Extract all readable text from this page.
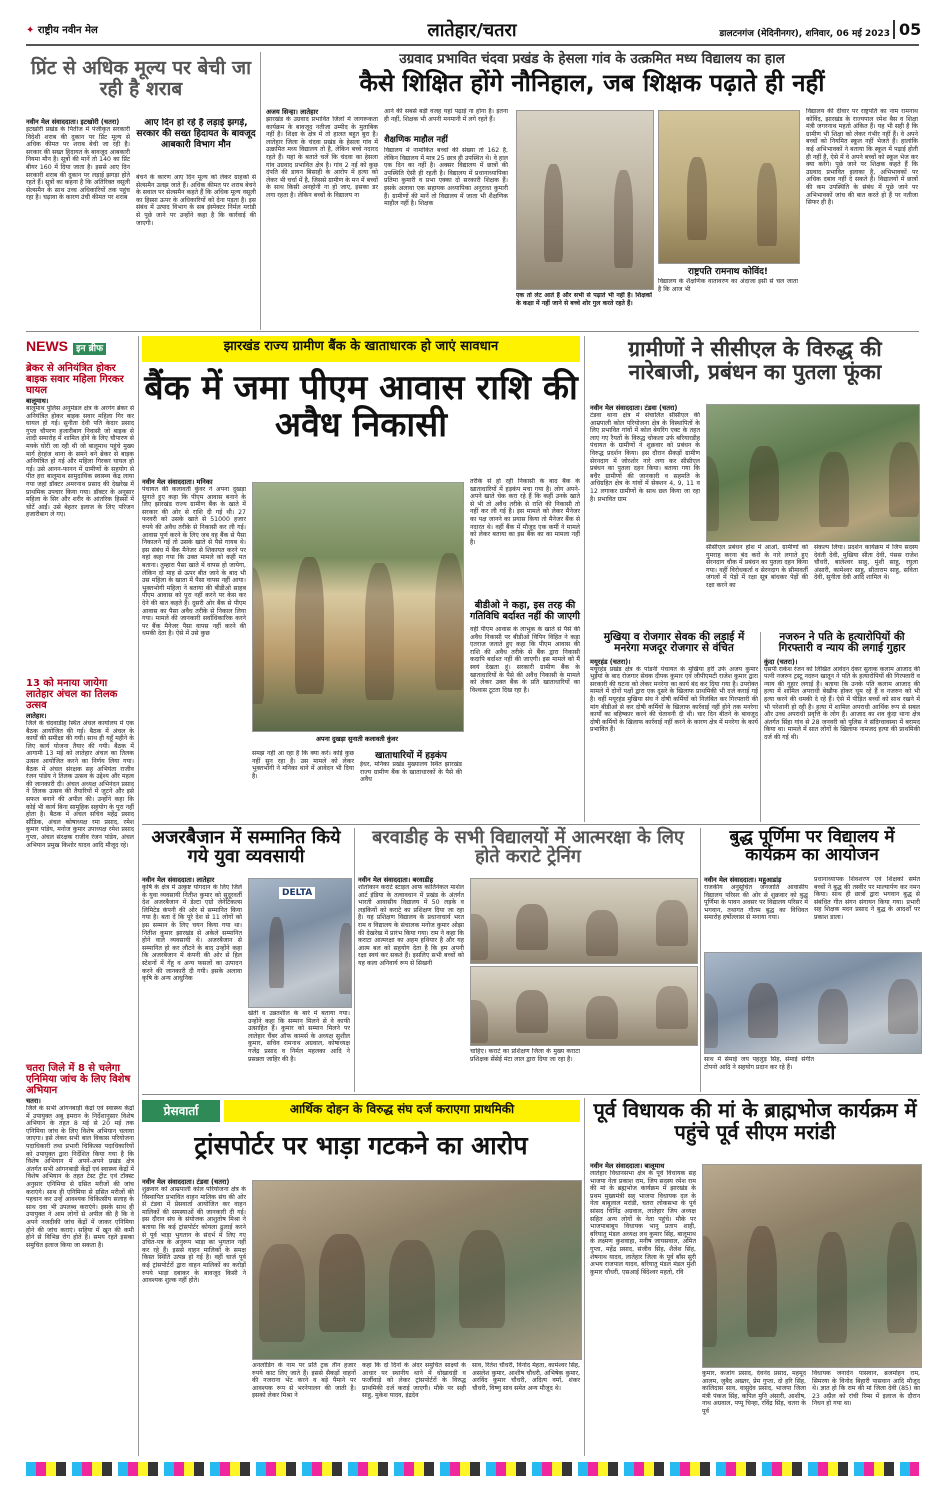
✦ राष्ट्रीय नवीन मेल	लातेहार/चतरा	डालटनगंज (मेदिनीनगर), शनिवार, 06 मई 2023 05
प्रिंट से अधिक मूल्य पर बेची जा रही है शराब
नवीन मेल संवाददाता। इटखोरी (चतरा)
इटखोरी प्रखंड के पितीज में पंजीकृत सरकारी विदेशी शराब की दुकान पर प्रिंट मूल्य से अधिक कीमत पर शराब बेची जा रही है। सरकार की सख्त हिदायत के बावजूद आबकारी नियमा मौन है। सूत्रों की मानें तो 140 का प्रिंट बीयर 160 में दिया जाता है। इससे आए दिन सरकारी शराब की दुकान पर लड़ाई झगड़ा होते रहते हैं। सूत्रों का कहना है कि अतिरिक्त वसूली सेल्समैन के साथ उच्च अधिकारियों तक पहुंच रहा है। चढ़ावा के कारण उंची कीमत पर शराब
आए दिन हो रहे हैं लड़ाई झगड़े, सरकार की सख्त हिदायत के बावजूद आबकारी विभाग मौन
बेचने के कारण आए दिन मूल्य को लेकर ग्राहकों से सेल्समैन उलझ जाते हैं। अधिक कीमत पर शराब बेचने के सवाल पर सेल्समैन कहते हैं कि अधिक मूल्य वसूली का हिस्सा ऊपर के अधिकारियों को देना पड़ता है। इस संबंध में उत्पाद विभाग के सब इंस्पेक्टर निर्मल मरांडी से पूछे जाने पर उन्होंने कहा है कि कार्रवाई की जाएगी।
उग्रवाद प्रभावित चंदवा प्रखंड के हेसला गांव के उत्क्रमित मध्य विद्यालय का हाल
कैसे शिक्षित होंगे नौनिहाल, जब शिक्षक पढ़ाते ही नहीं
अजय सिन्हा। लातेहार
झारखंड के उग्रवाद प्रभावित जिलों में जागरूकता कार्यक्रम के बावजूद नतीजा उम्मीद के मुताबिक नहीं है। शिक्षा के क्षेत्र में तो हालत बहुत बुरा है। लातेहार जिला के चंदवा प्रखंड के हेसला गांव में उत्क्रमित मध्य विद्यालय तो है, लेकिन बच्चे नदारद रहते हैं। यहां के बताते चलें कि चंदवा का हेसला गांव उग्रवाद प्रभावित क्षेत्र है। गांव 2 नई को कुछ दंपति की डायन बिसाही के आरोप में हत्या को लेकर भी चर्चा में है, जिससे ग्रामीण के मन में बच्चों के साथ किसी अनहोनी ना हो जाए, इसका डर लगा रहता है। लेकिन बच्चों के विद्यालय ना
आने की सबसे बड़ी वजह यहां पढ़ाई ना होना है। इतना ही नहीं, शिक्षक भी अपनी मनमानी में लगे रहते हैं।
शैक्षणिक माहौल नहीं
विद्यालय में नामांकित बच्चों की संख्या तो 162 है, लेकिन विद्यालय में मात्र 25 छात्र ही उपस्थित थे। वे हाल एक दिन का नहीं है। अक्सर विद्यालय में छात्रों की उपस्थिति ऐसी ही रहती है। विद्यालय में प्रधानाध्यापिका प्रतिमा कुमारी व प्रभा एक्का दो सरकारी शिक्षक हैं। इसके अलावा एक सहायक अध्यापिका अनुराधा कुमारी हैं। ग्रामीणों की मानें तो विद्यालय में जाता भी शैक्षणिक माहौल नहीं है। शिक्षक
एक तो लेट आते हैं और सभी से पढ़ाते भी नहीं हैं। शिक्षकों के कक्षा में नहीं जाने से बच्चे शोर गुल करते रहते हैं।
राष्ट्रपति रामनाथ कोविंद!
विद्यालय के शैक्षणिक वातावरण का अंदाजा इसी से चल जाता है कि आज भी
विद्यालय की दीवार पर राष्ट्रपति का नाम रामनाथ कोविंद, झारखंड के राज्यपाल रमेश बैस व शिक्षा मंत्री जगरनाथ महतो अंकित हैं। यह भी सही है कि ग्रामीण भी शिक्षा को लेकर गंभीर नहीं हैं। वे अपने बच्चों को नियमित स्कूल नहीं भेजते हैं। हालांकि कई अभिभावकों ने बताया कि स्कूल में पढ़ाई होती ही नहीं है, ऐसे में वे अपने बच्चों को स्कूल भेज कर क्या करेंगे। पूछे जाने पर शिक्षक कहते हैं कि उग्रवाद प्रभावित इलाका है, अभिभावकों पर अधिक दबाव नहीं दे सकते हैं। विद्यालयों में छात्रों की कम उपस्थिति के संबंध में पूछे जाने पर अभिभावकों जांच की बात करते हो हैं पर नतीजा सिफर ही है।
NEWS इन ब्रीफ
ब्रेकर से अनियंत्रित होकर बाइक सवार महिला गिरकर घायल
बालूमाथ।
बालूमाथ पुलिस अनुमंडल क्षेत्र के अरगंग ब्रेकर से अनियंत्रित होकर बाइक सवार महिला गिर कर घायल हो गई। सुनीता देवी पति केदार प्रसाद गुप्ता चौपरण हजारीबाग निवासी जो बाइक से शादी समारोह में शामिल होने के लिए चौपारण से मयके घोरी जा रही थी जो बालूमाथ पहुंचे मुख्य मार्ग हेरहंज थाना के समने बने ब्रेकर से बाइक अनियंत्रित हो गई और महिला गिरकर घायल हो गई। उसे आनन-फानन में ग्रामीणों के सहयोग से पीत हरा बालूमाथ सामुदायिक स्वास्थ्य केंद्र लाया गया जहां डॉक्टर अमरनाथ प्रसाद की देखरेख में प्राथमिक उपचार किया गया। डॉक्टर के अनुसार महिला के सिर और शरीर के आंतरिक हिस्सों में चोटें आईं। उसे बेहतर इलाज के लिए परिजन हजारीबाग ले गए।
13 को मनाया जायेगा लातेहार अंचल का तिलक उत्सव
लातेहार।
जिले के चंदवाडीह स्थित अंचल कार्यालय में एक बैठक आयोजित की गई। बैठक में अंचल के कार्यों की समीक्षा की गयी। साथ ही यहूँ महीने के लिए कार्य योजना तैयार की गयी। बैठक में आगामी 13 मई को लातेहार अंचल का तिलक उत्सव आयोजित करने का निर्णय लिया गया। बैठक में अंचल संरक्षक सह अभियंता राजीव रंजन पांडेय ने तिलक उत्सव के उद्देश्य और महत्व की जानकारी दी। अंचल अध्यक्ष अभिनंदन प्रसाद ने तिलक उत्सव की तैयारियों में जुटने और इसे सफल बनाने की अपील की। उन्होंने कहा कि कोई भी कार्य बिना सामूहिक सहयोग के पूरा नहीं होता है। बैठक में अंचल सचिव महेंद्र प्रसाद सौंडिक, अंचल कोषाध्यक्ष रमा प्रसाद, रमेश कुमार पांडेय, मनोज कुमार उपाध्यक्ष रमेश प्रसाद गुप्ता, अंचल संरक्षक राजीव रंजन पांडेय, अंचल अभियान प्रमुख किशोर यादव आदि मौजूद रहे।
चतरा जिले में 8 से चलेगा एनिमिया जांच के लिए विशेष अभियान
चतरा।
जिले के सभी आंगनबाड़ी केंद्रों एवं स्वास्थ्य केंद्रों में उपायुक्त अबु इमरान के निर्देशानुसार विशेष अभियान के तहत 8 मई से 20 मई तक एनिमिया जांच के लिए विशेष अभियान चलाया जाएगा। इसे लेकर सभी बाल विकास परियोजना पदाधिकारी तथा प्रभारी चिकित्सा पदाधिकारियों को उपायुक्त द्वारा निर्देशित किया गया है कि विशेष अभियान में अपने-अपने प्रखंड क्षेत्र अंतर्गत सभी आंगनबाड़ी केंद्रों एवं स्वास्थ्य केंद्रों में विशेष अभियान के तहत टेस्ट ट्रीट एवं टॉक्स्ट अनुसार एनिमिया से ग्रसित मरीजों की जांच कराएंगे। साथ ही एनिमिया से ग्रसित मरीजों की पहचान कर उन्हें आवश्यक चिकित्सीय सलाह के साथ दवा भी उपलब्ध कराएंगे। इसके साथ ही उपायुक्त ने आम लोगों से अपील की है कि वे अपने नजदीकी जांच केंद्रों में जाकर एनिमिया होने की जांच कराएं। सहिया में खून की कमी होने से विभिन्न रोग होते हैं। समय रहते इसका समुचित इलाज किया जा सकता है।
झारखंड राज्य ग्रामीण बैंक के खाताधारक हो जाएं सावधान
बैंक में जमा पीएम आवास राशि की अवैध निकासी
नवीन मेल संवाददाता। मनिका
पंचायत की कलावती कुंवर ने अपना दुखड़ा सुनाते हुए कहा कि पीएम आवास बनाने के लिए झारखंड राज्य ग्रामीण बैंक के खाते में सरकार की ओर से राशि दी गई थी। 27 फरवरी को उसके खाते से 51000 हजार रुपये की अवैध तरीके से निकासी कर ली गई। आवास पूर्ण करने के लिए जब वह बैंक से पैसा निकालने गई तो उसके खाते से पैसे गायब थे। इस संबंध में बैंक मैनेजर से शिकायत करने पर वहां कहा गया कि उक्त मामले को कहीं मत बताना। तुम्हारा पैसा खाते में वापस हो जायेगा, लेकिन दो माह से ऊपर बीत जाने के बाद भी उस महिला के खाता में पैसा वापस नहीं आया। भुक्तभोगी महिला ने बताया की बीडीओ साहब पीएम आवास को पूरा नहीं करने पर केस कर देने की बात कहते हैं। दूसरी ओर बैंक से पीएम आवास का पैसा अवैध तरीके से निकाल लिया गया। मामले की जानकारी सर्वाधिकारिक करने पर बैंक मैनेजर पैसा वापस नहीं करने की धमकी देता है। ऐसे में उसे कुछ
अपना दुखड़ा सुनाती कलावती कुंवर
समझ नहीं आ रहा है कि क्या करें। कोई कुछ नहीं सुन रहा है। उस मामले को लेकर भुक्तभोगी ने मनिका थाने में आवेदन भी दिया है।
खाताधारियों में हड़कंप
ईधर, मनिका प्रखंड मुख्यालय स्थित झारखंड राज्य ग्रामीण बैंक के खाताधारकों के पैसे की अवैध
तरीके से हो रही निकासी के बाद बैंक के खाताधारियों में हड़कंप मचा गया है। लोग अपने-अपने खाते चेक करा रहे हैं कि कहीं उनके खाते से भी तो अवैध तरीके से राशि की निकासी तो नहीं कर ली गई है। इस मामले को लेकर मैनेजर का पक्ष जानने का प्रयास किया तो मैनेजर बैंक से नदारत थे। वहीं बैंक में मौजूद एक कर्मी ने मामले को लेकर बताया का इस बैंक का का मामला नहीं है।
बीडीओ ने कहा, इस तरह की गतिविधि बर्दाश्त नहीं की जाएगी
वहीं पीएम आवास के लाभुक के खाते से पैसे की अवैध निकासी पर बीडीओ विपिन विहित ने कड़ा एतराज जताते हुए कहा कि पीएम आवास की राशि की अवैध तरीके से बैंक द्वारा निकासी कदापि बर्दाश्त नहीं की जाएगी। इस मामले को मैं स्वयं देखता हूं। सरकारी ग्रामीण बैंक के खाताधारियों के पैसे की अवैध निकासी के मामले को लेकर उक्त बैंक के प्रति खाताधारियों का विश्वास टूटता दिख रहा है।
ग्रामीणों ने सीसीएल के विरुद्ध की नारेबाजी, प्रबंधन का पुतला फूंका
नवीन मेल संवाददाता। टंडवा (चतरा)
टंडवा थाना क्षेत्र में संचालित सीसीएल की आम्रपाली कोल परियोजना क्षेत्र के विस्थापितों के लिए प्रभावित गांवों में कोल बेयरिंग एक्ट के तहत लाए गए रैयतों के विरुद्ध चोकला उर्फ बरियारडीह पंचायत के ग्रामीणों ने शुक्रवार को प्रबंधन के विरुद्ध प्रदर्शन किया। इस दौरान सैकड़ों ग्रामीण सेरनदाग में जोरशोर नारे लगा कर सीसीएल प्रबंधन का पुतला दहन किया। बताया गया कि बचैर ग्रामीणों की जानकारी व सहमति के अधिग्रहित क्षेत्र के गांवों में सेक्शन 4, 9, 11 व 12 लगाकर ग्रामीणों के साथ छल किया जा रहा है। प्रभावित ग्राम
सीसीएल प्रबंधन होश में आओ, ग्रामीणों को गुमराह करना बंद करो के नारे लगाते हुए सेरनदाग चौक में प्रबंधन का पुतला दहन किया गया। वहीं विरोधकर्ता व सेरनदाग के सीमावर्ती जंगलों में पेड़ों में रक्षा सूत्र बांधकर पेड़ों की रक्षा करने का
संकल्प लिया। प्रदर्शन कार्यक्रम में जिप सदस्य देवंती देवी, मुखिया सीता देवी, पंसस राजेश चौधरी, बालेश्वर साहु, मुंशी साहु, रघुला अंसारी, कामेश्वर साहु, सीताराम साहु, सविता देवी, सुनीता देवी आदि शामिल थे।
मुखिया व रोजगार सेवक की लड़ाई में मनरेगा मजदूर रोजगार से वंचित
मयूरहंड (चतरा)।
मयूरहंड प्रखंड क्षेत्र के पांडनी पंचायत के मुखिया हरी उर्फ अजय कुमार भुईयां के बाद रोजगार सेवक दीपक कुमार एवं जीपीएमटी राजेश कुमार द्वारा सरकारी की घटना को लेकर मनरेगा का कार्य बंद कर दिया गया है। उपरोक्त मामले में दोनों पक्षों द्वारा एक दूसरे के खिलाफ प्राथमिकी भी दर्ज कराई गई है। वहीं मयूरहंड मुखिया संघ ने दोषी कर्मियों को निलंबित कर गिरफ्तारी की मांग बीडीओ से कर दोषी कर्मियों के खिलाफ कार्रवाई नहीं होने तक मनरेगा कार्यों का बहिष्कार करने की चेतावनी दी थी। चार दिन बीतने के बावजूद दोषी कर्मियों के खिलाफ कार्रवाई नहीं करने के कारण क्षेत्र में मनरेगा के कार्य प्रभावित हैं।
नजरुन ने पति के हत्यारोपियों की गिरफ्तारी व न्याय की लगाई गुहार
कुंदा (चतरा)।
एसपी राकेश रंजन को लिखित आवेदन देकर सुताक कलाम आजाद की पत्नी नजरुन ट्रस्टू नदरुन खातून ने पति के हत्यारोपियों की गिरफ्तारी व न्याय की गुहार लगाई है। बताया कि उनके पति कलाम आजाद की हत्या में शामिल अपराधी बेखौफ होकर घूम रहे हैं व नजरुन को भी हत्या करने की धमकी दे रहे हैं। ऐसे में पीड़ित बच्चों को साथ रखने में भी परेशानी हो रही है। हत्या में शामिल अपराधी आर्थिक रूप से सबल और उच्च अपराधी प्रवृत्ति के लोग हैं। आजाद का शव कुंदा थाना क्षेत्र अंतर्गत सिंहा गांव से 28 जनवरी को पुलिस ने संदिग्धावस्था में बरामद किया था। मामले में सात लोगों के खिलाफ नामजद हत्या की प्राथमिकी दर्ज की गई थी।
अजरबैजान में सम्मानित किये गये युवा व्यवसायी
नवीन मेल संवाददाता। लातेहार
कृषि के क्षेत्र में उत्कृष्ट योगदान के लिए जिले के युवा व्यवसायी नितीश कुमार को सुदूरवर्ती देश अजरबैजान में डेल्टा एग्रो जेनेटिकल्स लिमिटेड कंपनी की ओर से सम्मानित किया गया है। बता दें कि पूरे देश से 11 लोगों को इस सम्मान के लिए चयन किया गया था। नितीश कुमार झारखंड से अकेले सम्मानित होने वाले व्यवसायी थे। अजरबैजान से सम्मानित हो कर लौटने के बाद उन्होंने कहा कि अजरबैजान में कंपनी की ओर से हिल स्टेशनों में गेंहू व अन्य फसलों का उत्पादन करने की जानकारी दी गयी। इसके अलावा कृषि के अन्य आधुनिक
DELTA
खेती व उन्नतशील के बारे में बताया गया। उन्होंने कहा कि सम्मान मिलने से वे काफी उत्साहित हैं। कुमार को सम्मान मिलने पर लातेहार चैंबर ऑफ कामर्स के अध्यक्ष सुशील कुमार, सचिव रामनाथ अग्रवाल, कोषाध्यक्ष गजेंद्र प्रसाद व निर्मल महलका आदि ने प्रसन्नता जाहिर की है।
बरवाडीह के सभी विद्यालयों में आत्मरक्षा के लिए होते कराटे ट्रेनिंग
नवीन मेल संवाददाता। बरवाडीह
शोतोकान कराटे स्टाइल आफ कांतिनेकल मार्शल आर्ट इंडिया के तत्वावधान में प्रखंड के अंतर्गत भारती आवासीय विद्यालय में 50 लड़के व लड़कियों को कराटे का प्रशिक्षण दिया जा रहा है। यह प्रशिक्षण विद्यालय के प्रधानाचार्य भरत राम व विद्यालय के संचालक मनोज कुमार ओझा की देखरेख में प्रारंभ किया गया। राम ने कहा कि कराटा आत्मरक्षा का अहम हथियार है और यह आत्म बल को सहयोग देता है कि हम अपनी रक्षा स्वयं कर सकते हैं। इसलिए सभी बच्चों को यह कला अनिवार्य रूप से सिखनी
चाहिए। कराटे का प्रशिक्षण जिला के मुख्य कराटा प्रशिक्षक सेंसेई मंटा लाल द्वारा दिया जा रहा है।
बुद्ध पूर्णिमा पर विद्यालय में कार्यक्रम का आयोजन
नवीन मेल संवाददाता। महुआडांड़
राजकीय अनुसूचित जनजाति आवासीय विद्यालय परिसर की ओर से शुक्रवार को बुद्ध पूर्णिमा के पावन अवसर पर विद्यालय परिसर में भगवान, तथागत गौतम बुद्ध का विधिवत समारोह हर्षोल्लास से मनाया गया।
प्रधानाध्यापक शिवशरण एवं शिक्षकों समेत बच्चों ने बुद्ध की तस्वीर पर माल्यार्पण कर नमन किया। साथ ही छात्रों द्वारा भगवान बुद्ध से संबंधित गीत संगन संगायन किया गया। प्रभारी सह शिक्षक मदन प्रसाद ने बुद्ध के आदर्शों पर प्रकाश डाला।
साथ में सेमाई जय पहलुड़ सिंह, सेमाई संगीत टोपनो आदि ने सहयोग प्रदान कर रहे हैं।
प्रेसवार्ता	आर्थिक दोहन के विरुद्ध संघ दर्ज कराएगा प्राथमिकी
ट्रांसपोर्टर पर भाड़ा गटकने का आरोप
नवीन मेल संवाददाता। टंडवा (चतरा)
शुक्रवार को आम्रपाली कोल परियोजना क्षेत्र के विस्थापित प्रभावित वाहन मालिक संघ की ओर से टंडवा में प्रेसवार्ता आयोजित कर वाहन मालिकों की समस्याओं की जानकारी दी गई। इस दौरान संघ के संयोजक आशुतोष मिश्रा ने बताया कि कई ट्रांसपोर्टर कोयला ढुलाई करने से पूर्व भाड़ा भुगतान के संदर्भ में लिए गए उचित-पत्र के अनुरूप भाड़ा का भुगतान नहीं कर रहे हैं। इससे वाहन मालिकों के समक्ष किस्त स्थिति उत्पन्न हो गई है। वहीं चार्ज पूर्व कई ट्रांसपोर्टरों द्वारा वाहन मालिकों का करोड़ों रुपये भाड़ा दबाकर के बावजूद किसी ने आवश्यक शुल्क नहीं होते।
अनलोडिंग के नाम पर प्रति ट्रक तीन हजार रुपये काट लिए जाते हैं। इससे सैकड़ों वाहनों की नजराना भेंट करने व बड़े पैमाने पर आवश्यक रूप से भरनेपालन की जाती है। इसको लेकर मिश्रा ने
कहा कि दो दिनों के अंदर समुचित साक्ष्यों के आधार पर स्थानीय थाने में धोखाधड़ी व फर्जीवाड़े को लेकर ट्रांसपोर्टरों के विरुद्ध प्राथमिकी दर्ज कराई जाएगी। मौके पर सही साहु, मुकेश यादव, इंद्रदेव
साव, रितेश चौधरी, विनोद मेहता, कामेश्वर सिंह, असलेश कुमार, आशीष चौधरी, अभिषेक कुमार, अरविंद कुमार चौधरी, अदित्य वर्मा, शंकर चौधरी, विष्णु साव समेत अन्य मौजूद थे।
पूर्व विधायक की मां के ब्राह्मभोज कार्यक्रम में पहुंचे पूर्व सीएम मरांडी
नवीन मेल संवाददाता। बालूमाथ
लातेहार विधानसभा क्षेत्र के पूर्व विधायक सह भाजपा नेता प्रकाश राम, जिप सदस्य रमेश राम की मां के ब्रह्मभोज कार्यक्रम में झारखंड के प्रथम मुख्यमंत्री सह भाजपा विधायक दल के नेता बाबूलाल मरांडी, चतरा लोकसभा के पूर्व सांसद चिनिंद्र अग्रवाल, लातेहार जिप अध्यक्ष सहित अन्य लोगों के नेता पहुंचे। मौके पर भाजपाबाबूप विधायक भानु प्रताप शाही, बरियातु मंडल अध्यक्ष लव कुमार सिंह, बालूमाथ के लक्ष्मण कुशवाहा, मनीष जायसवाल, अमित गुप्ता, महेंद्र प्रसाद, संजीव सिंह, शैलेश सिंह, शेषनाथ यादव, लातेहार जिला के पूर्व बाँस सुरी अभय राजपाल यादव, बरियातु मंडल मंडल मुंशी कुमार चौधरी, एसआई बिंदेश्वर महतो, रवि
कुमार, कजांग प्रसाद, देवनंद प्रसाद, महमूद आलम, जुबैद अख्तर, प्रेम गुप्ता, दो हरि सिंह, कालिदास साव, वासुदेव प्रसाद, भाजपा जिला मंत्री पंकज सिंह, कपिल मुनि अंसारी, आशीष, नाथ अग्रवाल, पप्पू चिन्हा, रविंद्र सिंह, चतरा के पूर्व
विधायक जनार्दन पासवान, ब्रजमोहन राम, सिमरया के विनोद बिहारी पासवान आदि मौजूद थे। ज्ञात हो कि राम की मां जिला देवी (85) का 23 अप्रैल को रांची रिम्स में इलाज के दौरान निधन हो गया था।
